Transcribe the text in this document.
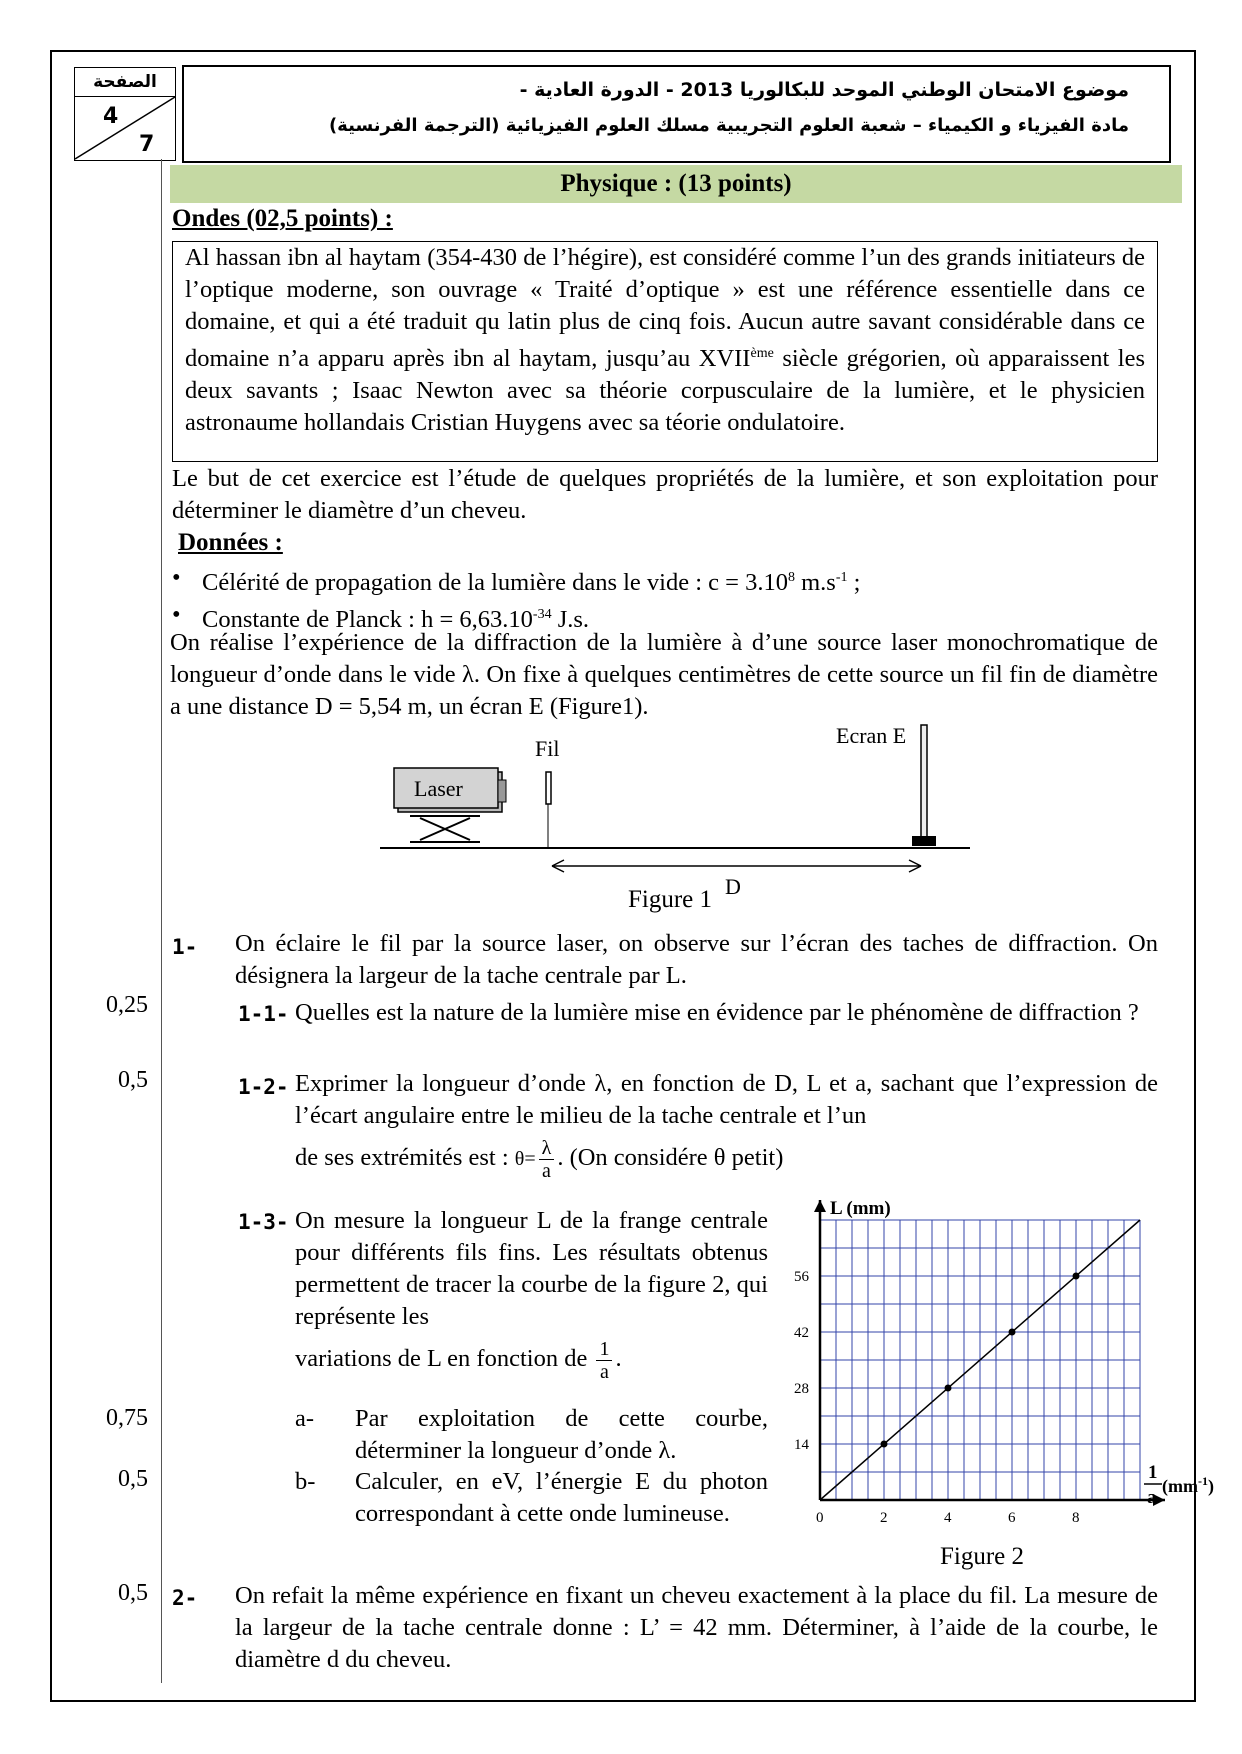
الصفحة
4
7
موضوع الامتحان الوطني الموحد للبكالوريا 2013 - الدورة العادية -
مادة الفيزياء و الكيمياء – شعبة العلوم التجريبية مسلك العلوم الفيزيائية (الترجمة الفرنسية)
Physique : (13 points)
Ondes (02,5 points) :
Al hassan ibn al haytam (354-430 de l’hégire), est considéré comme l’un des grands initiateurs de l’optique moderne, son ouvrage « Traité d’optique » est une référence essentielle dans ce domaine, et qui a été traduit qu latin plus de cinq fois. Aucun autre savant considérable dans ce domaine n’a apparu après ibn al haytam, jusqu’au XVIIème siècle grégorien, où apparaissent les deux savants ; Isaac Newton avec sa théorie corpusculaire de la lumière, et le physicien astronaume hollandais Cristian Huygens avec sa téorie ondulatoire.
Le but de cet exercice est l’étude de quelques propriétés de la lumière, et son exploitation pour déterminer le diamètre d’un cheveu.
Données :
• Célérité de propagation de la lumière dans le vide : $c = 3.10^8$ $m.s^{-1}$ ;
• Constante de Planck : $h = 6,63.10^{-34}$ J.s.
On réalise l’expérience de la diffraction de la lumière à d’une source laser monochromatique de longueur d’onde dans le vide λ. On fixe à quelques centimètres de cette source un fil fin de diamètre a une distance D = 5,54 m, un écran E (Figure1).
Laser
Fil
Ecran E
D
Figure 1
1- On éclaire le fil par la source laser, on observe sur l’écran des taches de diffraction. On désignera la largeur de la tache centrale par L.
0,25	1-1- Quelles est la nature de la lumière mise en évidence par le phénomène de diffraction ?
0,5	1-2- Exprimer la longueur d’onde λ, en fonction de D, L et a, sachant que l’expression de l’écart angulaire entre le milieu de la tache centrale et l’un
de ses extrémités est : $\theta= \frac{\lambda}{a}$ . (On considére θ petit)
1-3- On mesure la longueur L de la frange centrale pour différents fils fins. Les résultats obtenus permettent de tracer la courbe de la figure 2, qui représente les
variations de L en fonction de $\frac{1}{a}$ .
0,75	a- Par exploitation de cette courbe, déterminer la longueur d’onde λ.
0,5	b- Calculer, en eV, l’énergie E du photon correspondant à cette onde lumineuse.	0	2	4	6	8
14
28
42
56
L (mm)
1
a
$(mm^{-1})$
Figure 2
0,5 2- On refait la même expérience en fixant un cheveu exactement à la place du fil. La mesure de la largeur de la tache centrale donne : L’ = 42 mm. Déterminer, à l’aide de la courbe, le diamètre d du cheveu.
